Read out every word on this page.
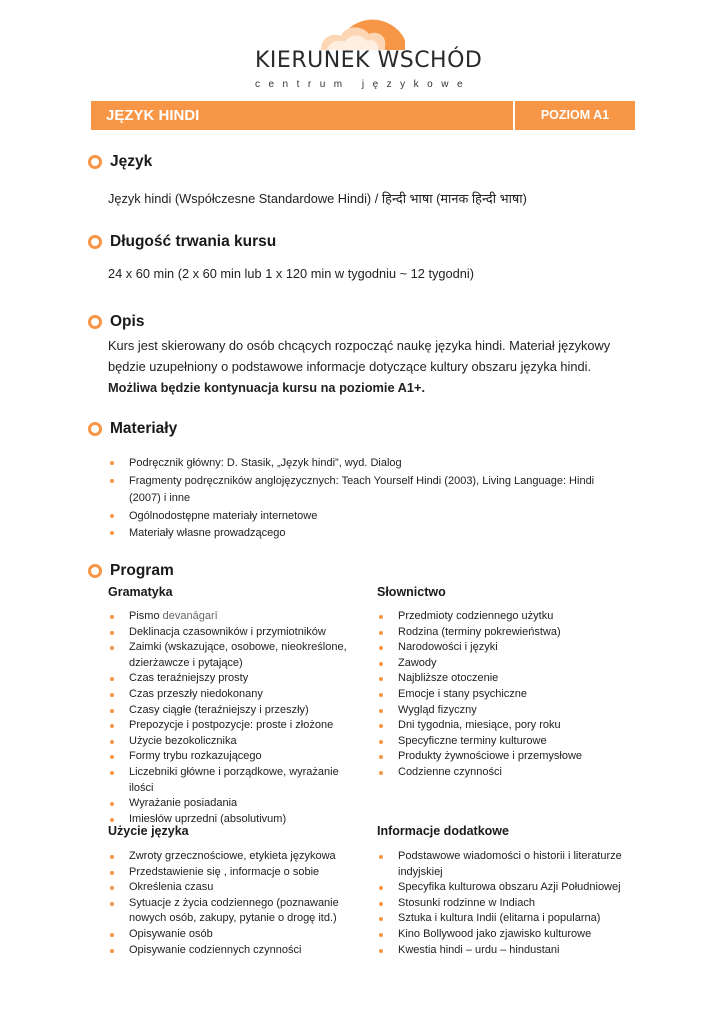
KIERUNEK WSCHÓD
centrum językowe
JĘZYK HINDI	POZIOM A1
Język
Język hindi (Współczesne Standardowe Hindi) / हिन्दी भाषा (मानक हिन्दी भाषा)
Długość trwania kursu
24 x 60 min (2 x 60 min lub 1 x 120 min w tygodniu ~ 12 tygodni)
Opis
Kurs jest skierowany do osób chcących rozpocząć naukę języka hindi. Materiał językowy
będzie uzupełniony o podstawowe informacje dotyczące kultury obszaru języka hindi.
Możliwa będzie kontynuacja kursu na poziomie A1+.
Materiały
Podręcznik główny: D. Stasik, „Język hindi”, wyd. Dialog
Fragmenty podręczników anglojęzycznych: Teach Yourself Hindi (2003), Living Language: Hindi
(2007) i inne
Ogólnodostępne materiały internetowe
Materiały własne prowadzącego
Program
Gramatyka	Słownictwo
Pismo devanāgarī
Deklinacja czasowników i przymiotników
Zaimki (wskazujące, osobowe, nieokreślone,
dzierżawcze i pytające)
Czas teraźniejszy prosty
Czas przeszły niedokonany
Czasy ciągłe (teraźniejszy i przeszły)
Prepozycje i postpozycje: proste i złożone
Użycie bezokolicznika
Formy trybu rozkazującego
Liczebniki główne i porządkowe, wyrażanie
ilości
Wyrażanie posiadania
Imiesłów uprzedni (absolutivum)
Przedmioty codziennego użytku
Rodzina (terminy pokrewieństwa)
Narodowości i języki
Zawody
Najbliższe otoczenie
Emocje i stany psychiczne
Wygląd fizyczny
Dni tygodnia, miesiące, pory roku
Specyficzne terminy kulturowe
Produkty żywnościowe i przemysłowe
Codzienne czynności
Użycie języka	Informacje dodatkowe
Zwroty grzecznościowe, etykieta językowa
Przedstawienie się , informacje o sobie
Określenia czasu
Sytuacje z życia codziennego (poznawanie
nowych osób, zakupy, pytanie o drogę itd.)
Opisywanie osób
Opisywanie codziennych czynności
Podstawowe wiadomości o historii i literaturze
indyjskiej
Specyfika kulturowa obszaru Azji Południowej
Stosunki rodzinne w Indiach
Sztuka i kultura Indii (elitarna i popularna)
Kino Bollywood jako zjawisko kulturowe
Kwestia hindi – urdu – hindustani
